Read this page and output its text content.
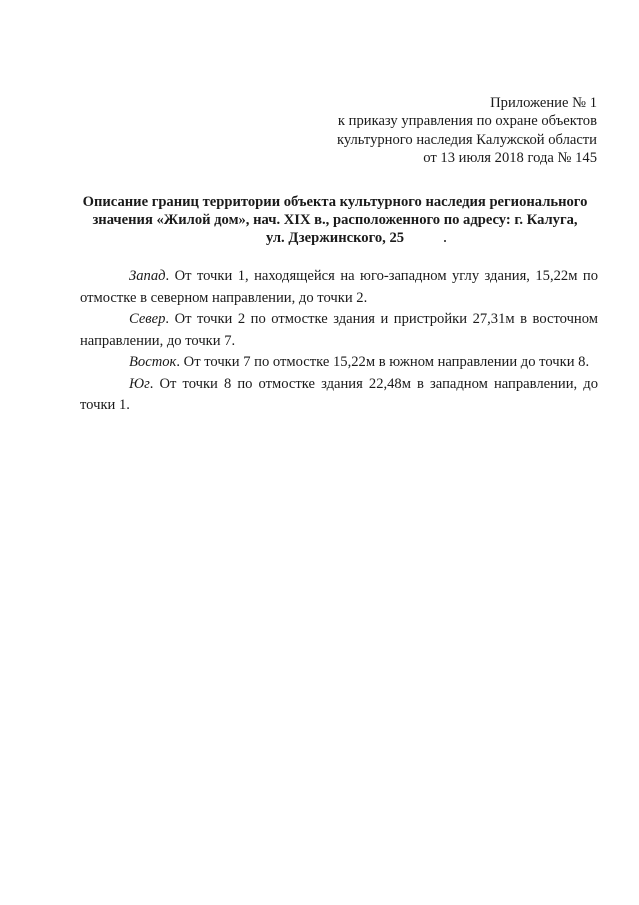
Приложение № 1
к приказу управления по охране объектов
культурного наследия Калужской области
от 13 июля 2018 года № 145
Описание границ территории объекта культурного наследия регионального
значения «Жилой дом», нач. XIX в., расположенного по адресу: г. Калуга,
ул. Дзержинского, 25

Запад. От точки 1, находящейся на юго-западном углу здания, 15,22м по отмостке в северном направлении, до точки 2.

Север. От точки 2 по отмостке здания и пристройки 27,31м в восточном направлении, до точки 7.

Восток. От точки 7 по отмостке 15,22м в южном направлении до точки 8.

Юг. От точки 8 по отмостке здания 22,48м в западном направлении, до точки 1.
